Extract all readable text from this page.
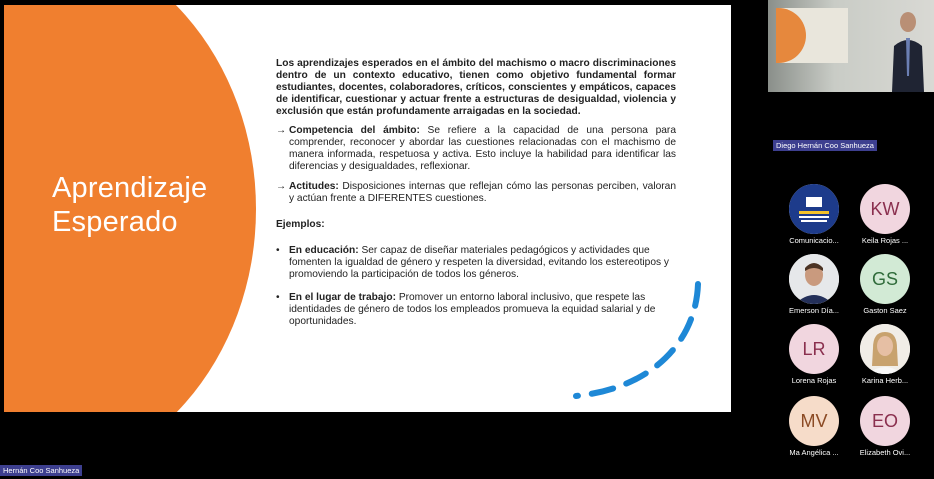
Aprendizaje
Esperado

Los aprendizajes esperados en el ámbito del machismo o macro discriminaciones dentro de un contexto educativo, tienen como objetivo fundamental formar estudiantes, docentes, colaboradores, críticos, conscientes y empáticos, capaces de identificar, cuestionar y actuar frente a estructuras de desigualdad, violencia y exclusión que están profundamente arraigadas en la sociedad.

→ Competencia del ámbito: Se refiere a la capacidad de una persona para comprender, reconocer y abordar las cuestiones relacionadas con el machismo de manera informada, respetuosa y activa. Esto incluye la habilidad para identificar las diferencias y desigualdades, reflexionar.
→ Actitudes: Disposiciones internas que reflejan cómo las personas perciben, valoran y actúan frente a DIFERENTES cuestiones.

Ejemplos:

• En educación: Ser capaz de diseñar materiales pedagógicos y actividades que fomenten la igualdad de género y respeten la diversidad, evitando los estereotipos y promoviendo la participación de todos los géneros.
• En el lugar de trabajo: Promover un entorno laboral inclusivo, que respete las identidades de género de todos los empleados promueva la equidad salarial y de oportunidades.
Diego Hernán Coo Sanhueza
Comunicacio...
KW
Keila Rojas ...
Emerson Día...
GS
Gaston Saez
LR
Lorena Rojas	Karina Herb...
MV
Ma Angélica ...
EO
Elizabeth Ovi...
Hernán Coo Sanhueza
